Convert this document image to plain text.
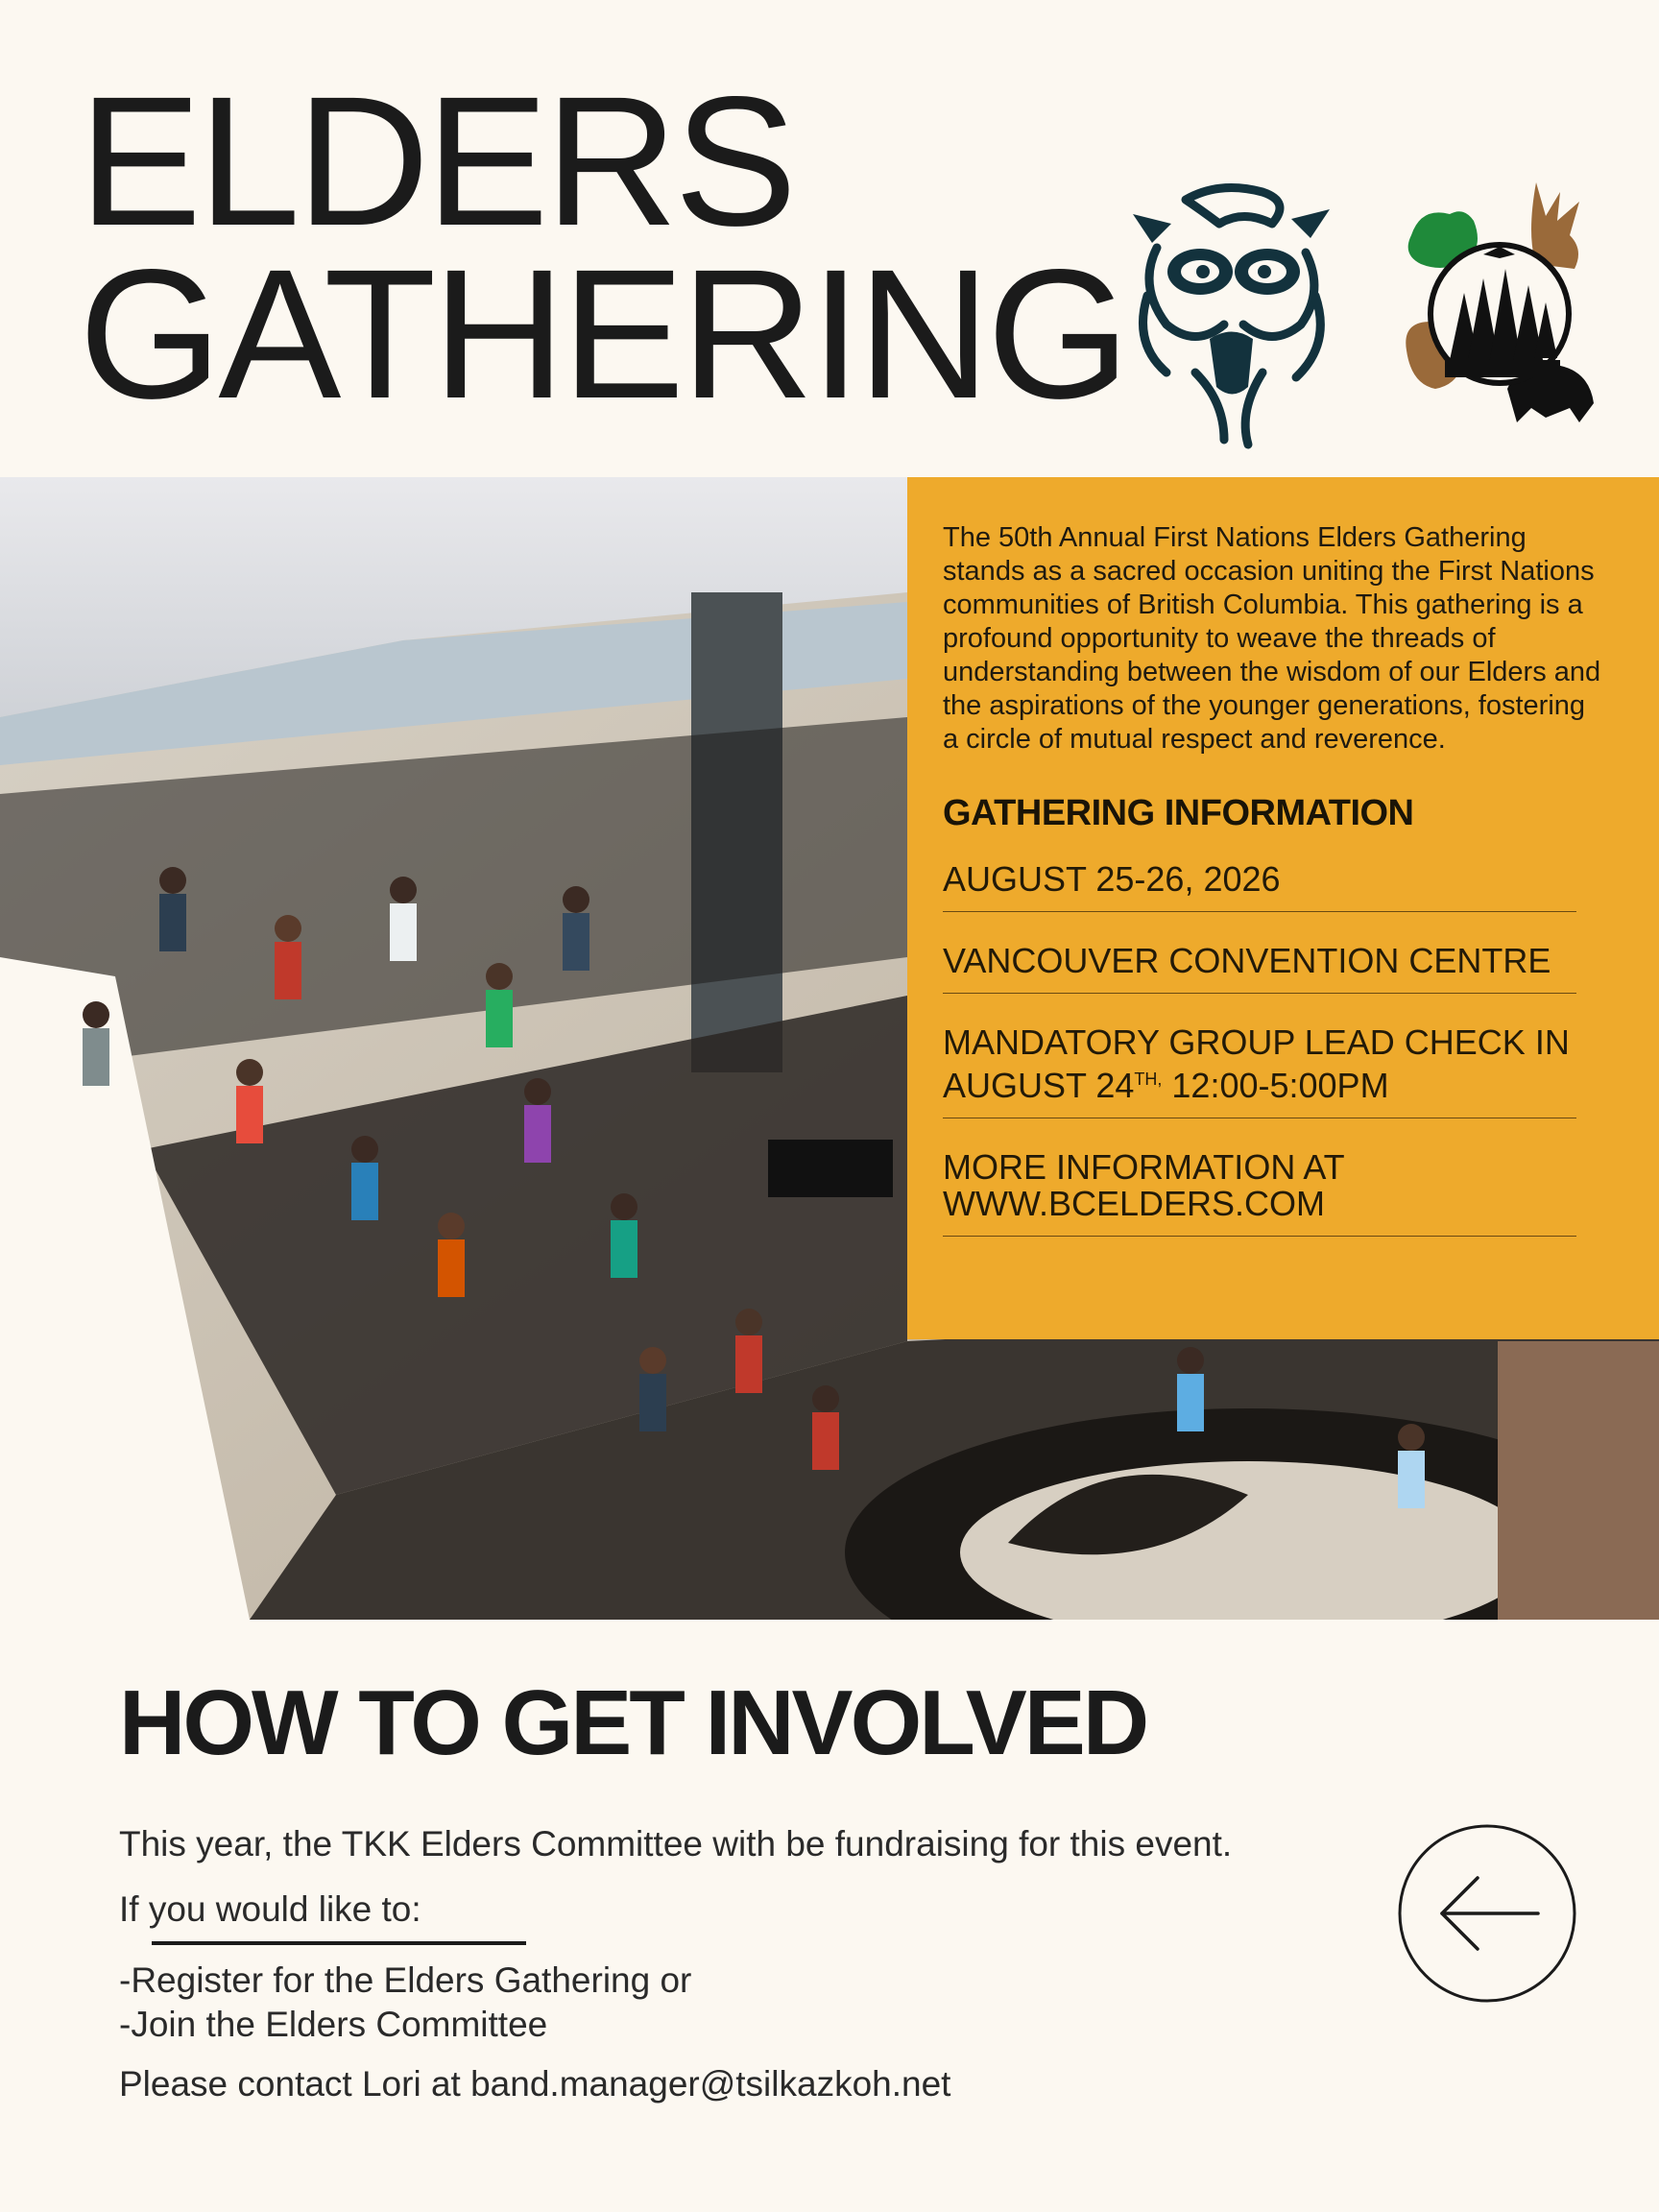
ELDERS
GATHERING

The 50th Annual First Nations Elders Gathering stands as a sacred occasion uniting the First Nations communities of British Columbia. This gathering is a profound opportunity to weave the threads of understanding between the wisdom of our Elders and the aspirations of the younger generations, fostering a circle of mutual respect and reverence.

GATHERING INFORMATION
AUGUST 25-26, 2026
VANCOUVER CONVENTION CENTRE
MANDATORY GROUP LEAD CHECK IN
AUGUST $24^{TH,}$ 12:00-5:00PM
MORE INFORMATION AT
WWW.BCELDERS.COM
HOW TO GET INVOLVED

This year, the TKK Elders Committee with be fundraising for this event.

If you would like to:

-Register for the Elders Gathering or
-Join the Elders Committee

Please contact Lori at band.manager@tsilkazkoh.net
